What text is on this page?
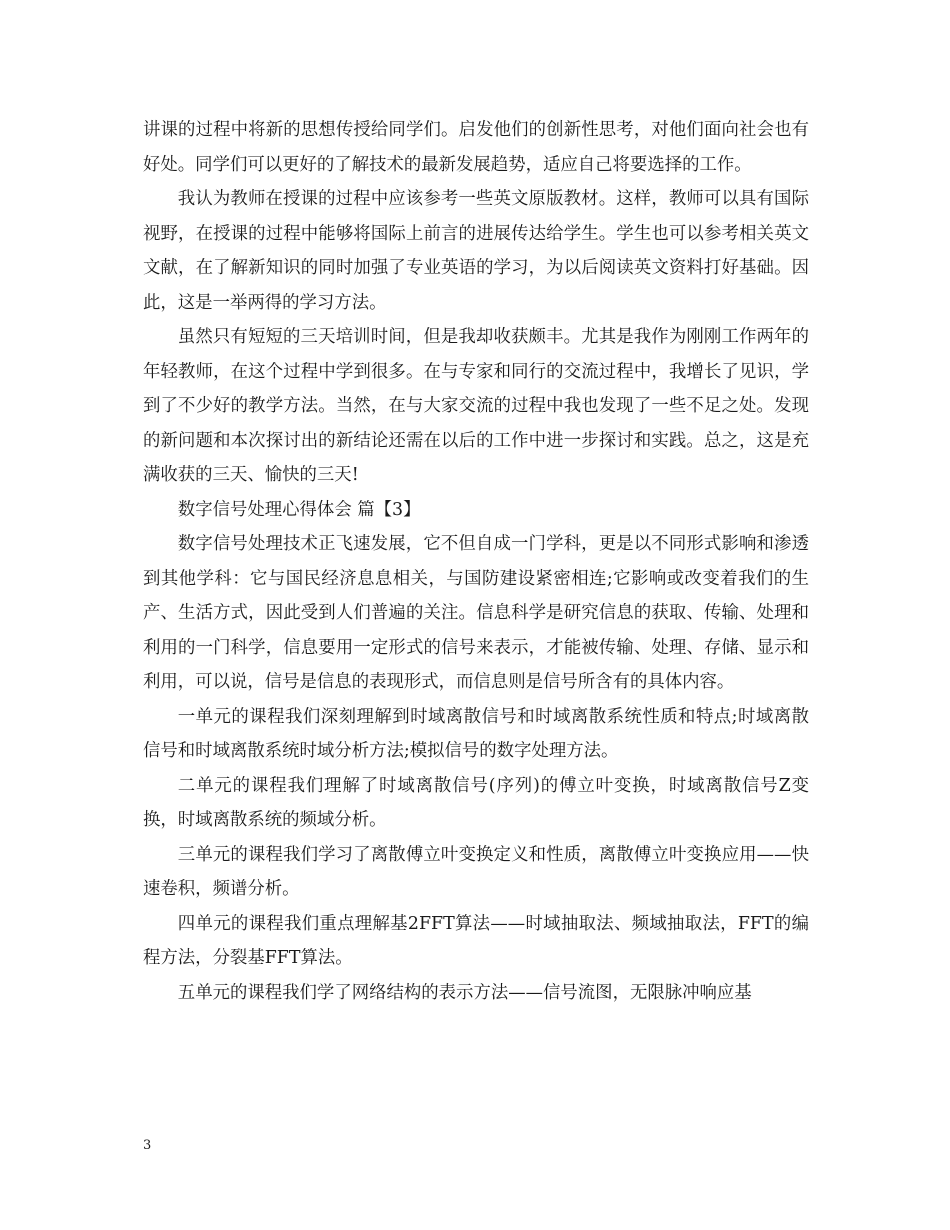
讲课的过程中将新的思想传授给同学们。启发他们的创新性思考，对他们面向社会也有好处。同学们可以更好的了解技术的最新发展趋势，适应自己将要选择的工作。

我认为教师在授课的过程中应该参考一些英文原版教材。这样，教师可以具有国际视野，在授课的过程中能够将国际上前言的进展传达给学生。学生也可以参考相关英文文献，在了解新知识的同时加强了专业英语的学习，为以后阅读英文资料打好基础。因此，这是一举两得的学习方法。

虽然只有短短的三天培训时间，但是我却收获颇丰。尤其是我作为刚刚工作两年的年轻教师，在这个过程中学到很多。在与专家和同行的交流过程中，我增长了见识，学到了不少好的教学方法。当然，在与大家交流的过程中我也发现了一些不足之处。发现的新问题和本次探讨出的新结论还需在以后的工作中进一步探讨和实践。总之，这是充满收获的三天、愉快的三天!

数字信号处理心得体会 篇【3】

数字信号处理技术正飞速发展，它不但自成一门学科，更是以不同形式影响和渗透到其他学科：它与国民经济息息相关，与国防建设紧密相连;它影响或改变着我们的生产、生活方式，因此受到人们普遍的关注。信息科学是研究信息的获取、传输、处理和利用的一门科学，信息要用一定形式的信号来表示，才能被传输、处理、存储、显示和利用，可以说，信号是信息的表现形式，而信息则是信号所含有的具体内容。

一单元的课程我们深刻理解到时域离散信号和时域离散系统性质和特点;时域离散信号和时域离散系统时域分析方法;模拟信号的数字处理方法。

二单元的课程我们理解了时域离散信号(序列)的傅立叶变换，时域离散信号Z变换，时域离散系统的频域分析。

三单元的课程我们学习了离散傅立叶变换定义和性质，离散傅立叶变换应用——快速卷积，频谱分析。

四单元的课程我们重点理解基2FFT算法——时域抽取法、频域抽取法，FFT的编程方法，分裂基FFT算法。

五单元的课程我们学了网络结构的表示方法——信号流图，无限脉冲响应基

3
